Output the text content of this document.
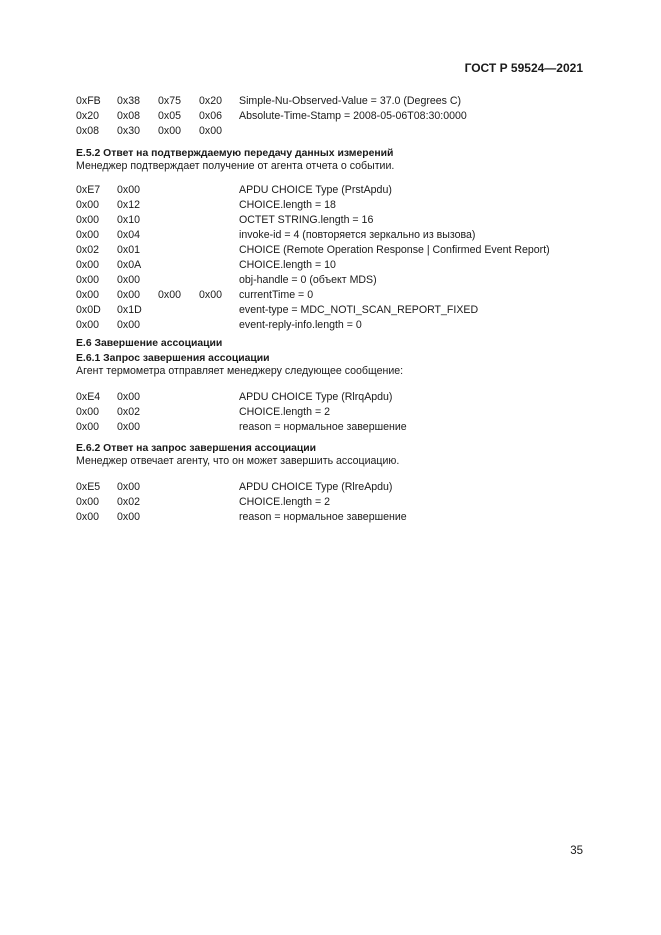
ГОСТ Р 59524—2021
0xFB 0x38 0x75 0x20 Simple-Nu-Observed-Value = 37.0 (Degrees C)
0x20 0x08 0x05 0x06 Absolute-Time-Stamp = 2008-05-06T08:30:0000
0x08 0x30 0x00 0x00
Е.5.2 Ответ на подтверждаемую передачу данных измерений
Менеджер подтверждает получение от агента отчета о событии.
0xE7 0x00	APDU CHOICE Type (PrstApdu)
0x00 0x12	CHOICE.length = 18
0x00 0x10	OCTET STRING.length = 16
0x00 0x04	invoke-id = 4 (повторяется зеркально из вызова)
0x02 0x01	CHOICE (Remote Operation Response | Confirmed Event Report)
0x00 0x0A	CHOICE.length = 10
0x00 0x00	obj-handle = 0 (объект MDS)
0x00 0x00 0x00 0x00 currentTime = 0
0x0D 0x1D	event-type = MDC_NOTI_SCAN_REPORT_FIXED
0x00 0x00	event-reply-info.length = 0
Е.6 Завершение ассоциации
Е.6.1 Запрос завершения ассоциации
Агент термометра отправляет менеджеру следующее сообщение:
0xE4 0x00	APDU CHOICE Type (RlrqApdu)
0x00 0x02	CHOICE.length = 2
0x00 0x00	reason = нормальное завершение
Е.6.2 Ответ на запрос завершения ассоциации
Менеджер отвечает агенту, что он может завершить ассоциацию.
0xE5 0x00	APDU CHOICE Type (RlreApdu)
0x00 0x02	CHOICE.length = 2
0x00 0x00	reason = нормальное завершение
35
